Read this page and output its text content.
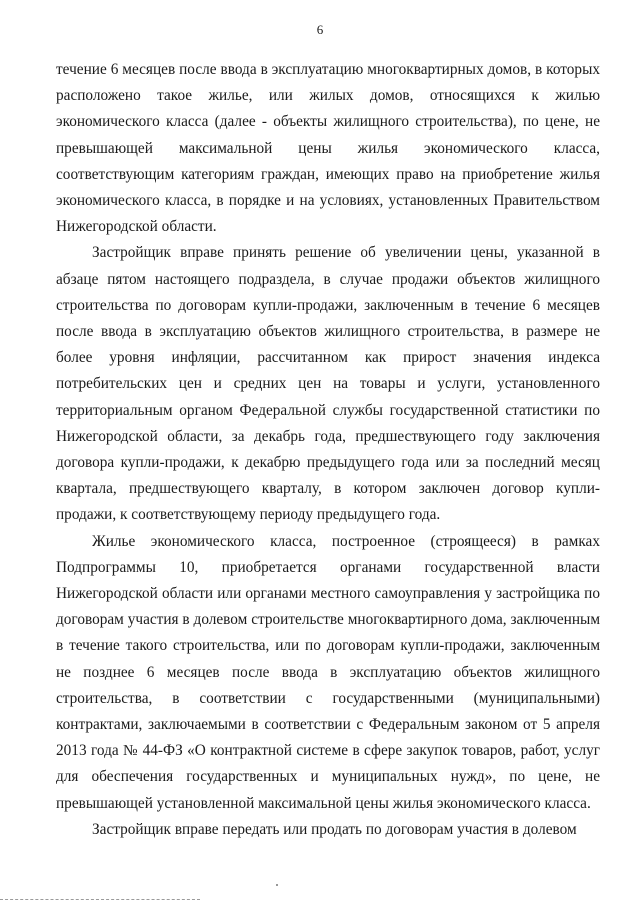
6

течение 6 месяцев после ввода в эксплуатацию многоквартирных домов, в которых расположено такое жилье, или жилых домов, относящихся к жилью экономического класса (далее - объекты жилищного строительства), по цене, не превышающей максимальной цены жилья экономического класса, соответствующим категориям граждан, имеющих право на приобретение жилья экономического класса, в порядке и на условиях, установленных Правительством Нижегородской области.

Застройщик вправе принять решение об увеличении цены, указанной в абзаце пятом настоящего подраздела, в случае продажи объектов жилищного строительства по договорам купли-продажи, заключенным в течение 6 месяцев после ввода в эксплуатацию объектов жилищного строительства, в размере не более уровня инфляции, рассчитанном как прирост значения индекса потребительских цен и средних цен на товары и услуги, установленного территориальным органом Федеральной службы государственной статистики по Нижегородской области, за декабрь года, предшествующего году заключения договора купли-продажи, к декабрю предыдущего года или за последний месяц квартала, предшествующего кварталу, в котором заключен договор купли-продажи, к соответствующему периоду предыдущего года.

Жилье экономического класса, построенное (строящееся) в рамках Подпрограммы 10, приобретается органами государственной власти Нижегородской области или органами местного самоуправления у застройщика по договорам участия в долевом строительстве многоквартирного дома, заключенным в течение такого строительства, или по договорам купли-продажи, заключенным не позднее 6 месяцев после ввода в эксплуатацию объектов жилищного строительства, в соответствии с государственными (муниципальными) контрактами, заключаемыми в соответствии с Федеральным законом от 5 апреля 2013 года № 44-ФЗ «О контрактной системе в сфере закупок товаров, работ, услуг для обеспечения государственных и муниципальных нужд», по цене, не превышающей установленной максимальной цены жилья экономического класса.

Застройщик вправе передать или продать по договорам участия в долевом
